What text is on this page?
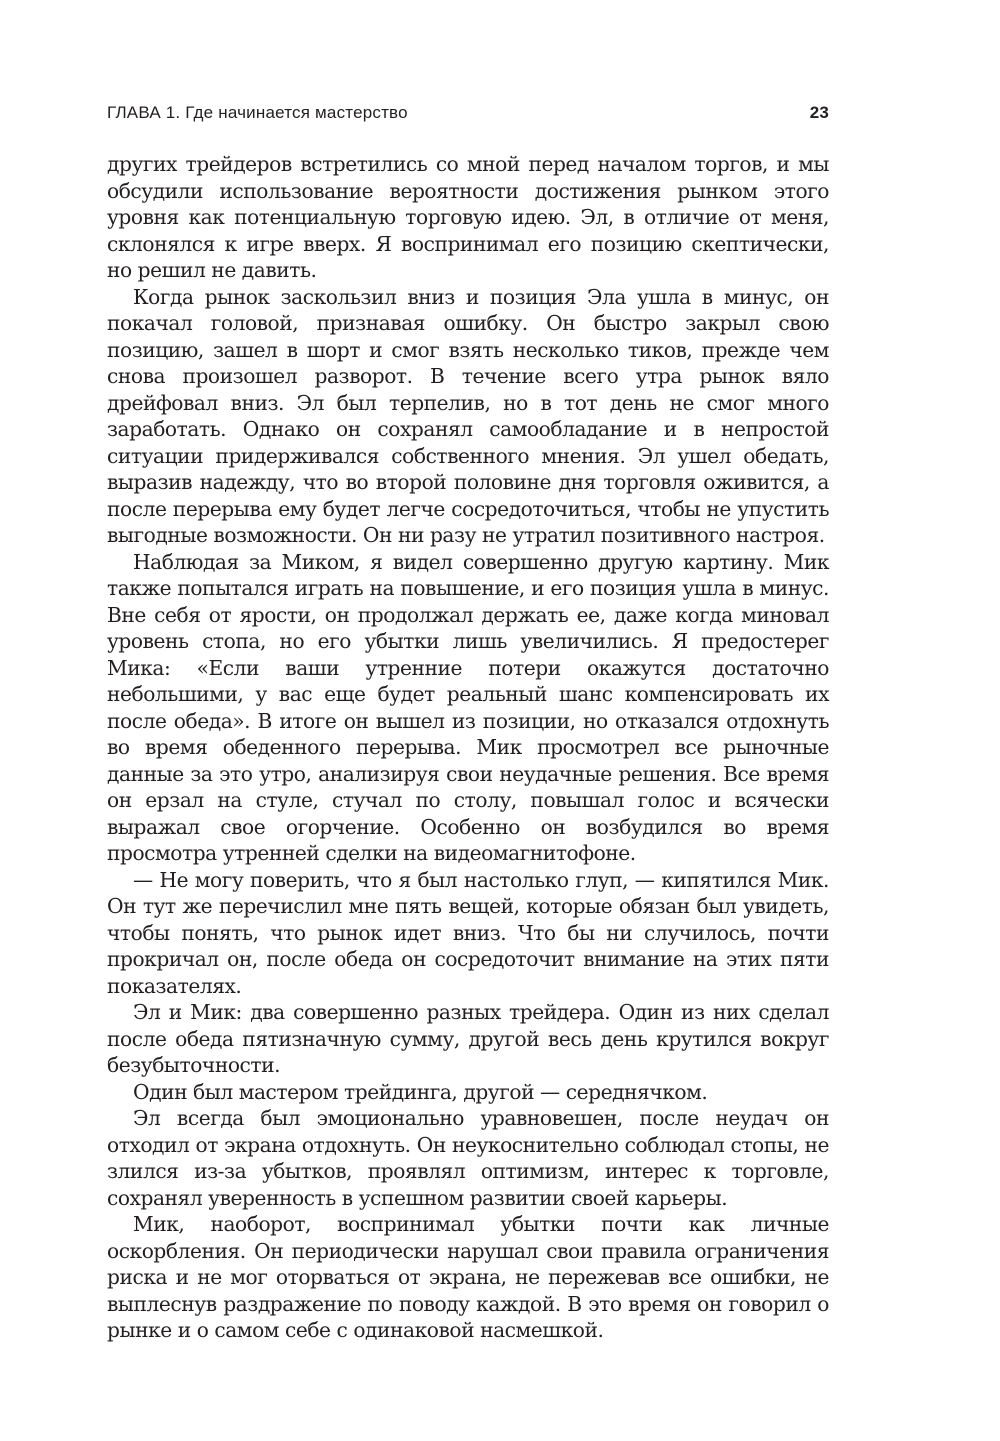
ГЛАВА 1. Где начинается мастерство	23

других трейдеров встретились со мной перед началом торгов, и мы обсудили использование вероятности достижения рынком этого уровня как потенциальную торговую идею. Эл, в отличие от меня, склонялся к игре вверх. Я воспринимал его позицию скептически, но решил не давить.

Когда рынок заскользил вниз и позиция Эла ушла в минус, он покачал головой, признавая ошибку. Он быстро закрыл свою позицию, зашел в шорт и смог взять несколько тиков, прежде чем снова произошел разворот. В течение всего утра рынок вяло дрейфовал вниз. Эл был терпелив, но в тот день не смог много заработать. Однако он сохранял самообладание и в непростой ситуации придерживался собственного мнения. Эл ушел обедать, выразив надежду, что во второй половине дня торговля оживится, а после перерыва ему будет легче сосредоточиться, чтобы не упустить выгодные возможности. Он ни разу не утратил позитивного настроя.

Наблюдая за Миком, я видел совершенно другую картину. Мик также попытался играть на повышение, и его позиция ушла в минус. Вне себя от ярости, он продолжал держать ее, даже когда миновал уровень стопа, но его убытки лишь увеличились. Я предостерег Мика: «Если ваши утренние потери окажутся достаточно небольшими, у вас еще будет реальный шанс компенсировать их после обеда». В итоге он вышел из позиции, но отказался отдохнуть во время обеденного перерыва. Мик просмотрел все рыночные данные за это утро, анализируя свои неудачные решения. Все время он ерзал на стуле, стучал по столу, повышал голос и всячески выражал свое огорчение. Особенно он возбудился во время просмотра утренней сделки на видеомагнитофоне.

— Не могу поверить, что я был настолько глуп, — кипятился Мик. Он тут же перечислил мне пять вещей, которые обязан был увидеть, чтобы понять, что рынок идет вниз. Что бы ни случилось, почти прокричал он, после обеда он сосредоточит внимание на этих пяти показателях.

Эл и Мик: два совершенно разных трейдера. Один из них сделал после обеда пятизначную сумму, другой весь день крутился вокруг безубыточности.

Один был мастером трейдинга, другой — середнячком.

Эл всегда был эмоционально уравновешен, после неудач он отходил от экрана отдохнуть. Он неукоснительно соблюдал стопы, не злился из-за убытков, проявлял оптимизм, интерес к торговле, сохранял уверенность в успешном развитии своей карьеры.

Мик, наоборот, воспринимал убытки почти как личные оскорбления. Он периодически нарушал свои правила ограничения риска и не мог оторваться от экрана, не пережевав все ошибки, не выплеснув раздражение по поводу каждой. В это время он говорил о рынке и о самом себе с одинаковой насмешкой.
